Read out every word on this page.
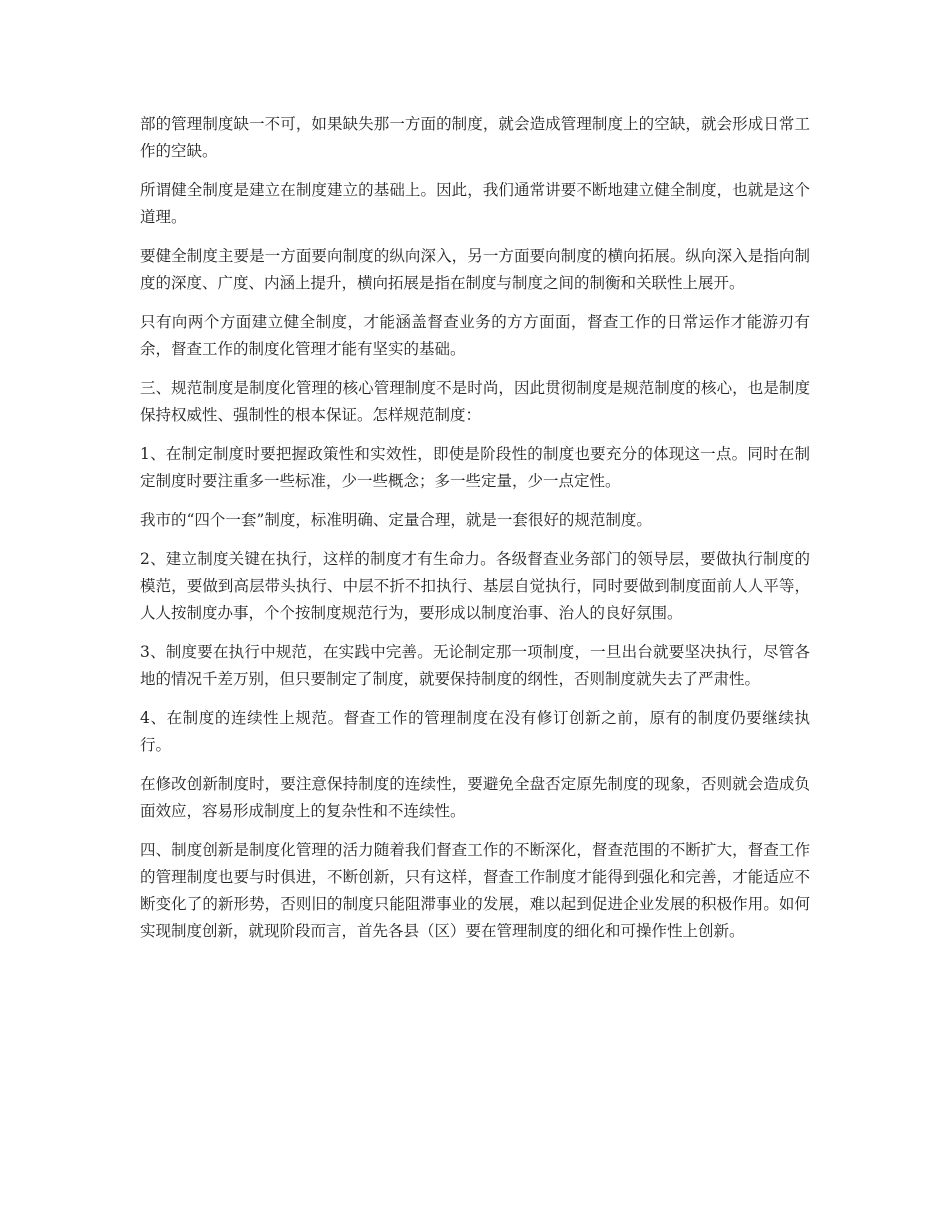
部的管理制度缺一不可，如果缺失那一方面的制度，就会造成管理制度上的空缺，就会形成日常工作的空缺。

所谓健全制度是建立在制度建立的基础上。因此，我们通常讲要不断地建立健全制度，也就是这个道理。

要健全制度主要是一方面要向制度的纵向深入，另一方面要向制度的横向拓展。纵向深入是指向制度的深度、广度、内涵上提升，横向拓展是指在制度与制度之间的制衡和关联性上展开。

只有向两个方面建立健全制度，才能涵盖督查业务的方方面面，督查工作的日常运作才能游刃有余，督查工作的制度化管理才能有坚实的基础。

三、规范制度是制度化管理的核心管理制度不是时尚，因此贯彻制度是规范制度的核心，也是制度保持权威性、强制性的根本保证。怎样规范制度：

1、在制定制度时要把握政策性和实效性，即使是阶段性的制度也要充分的体现这一点。同时在制定制度时要注重多一些标准，少一些概念；多一些定量，少一点定性。

我市的“四个一套”制度，标准明确、定量合理，就是一套很好的规范制度。

2、建立制度关键在执行，这样的制度才有生命力。各级督查业务部门的领导层，要做执行制度的模范，要做到高层带头执行、中层不折不扣执行、基层自觉执行，同时要做到制度面前人人平等，人人按制度办事，个个按制度规范行为，要形成以制度治事、治人的良好氛围。

3、制度要在执行中规范，在实践中完善。无论制定那一项制度，一旦出台就要坚决执行，尽管各地的情况千差万别，但只要制定了制度，就要保持制度的纲性，否则制度就失去了严肃性。

4、在制度的连续性上规范。督查工作的管理制度在没有修订创新之前，原有的制度仍要继续执行。

在修改创新制度时，要注意保持制度的连续性，要避免全盘否定原先制度的现象，否则就会造成负面效应，容易形成制度上的复杂性和不连续性。

四、制度创新是制度化管理的活力随着我们督查工作的不断深化，督查范围的不断扩大，督查工作的管理制度也要与时俱进，不断创新，只有这样，督查工作制度才能得到强化和完善，才能适应不断变化了的新形势，否则旧的制度只能阻滞事业的发展，难以起到促进企业发展的积极作用。如何实现制度创新，就现阶段而言，首先各县（区）要在管理制度的细化和可操作性上创新。
